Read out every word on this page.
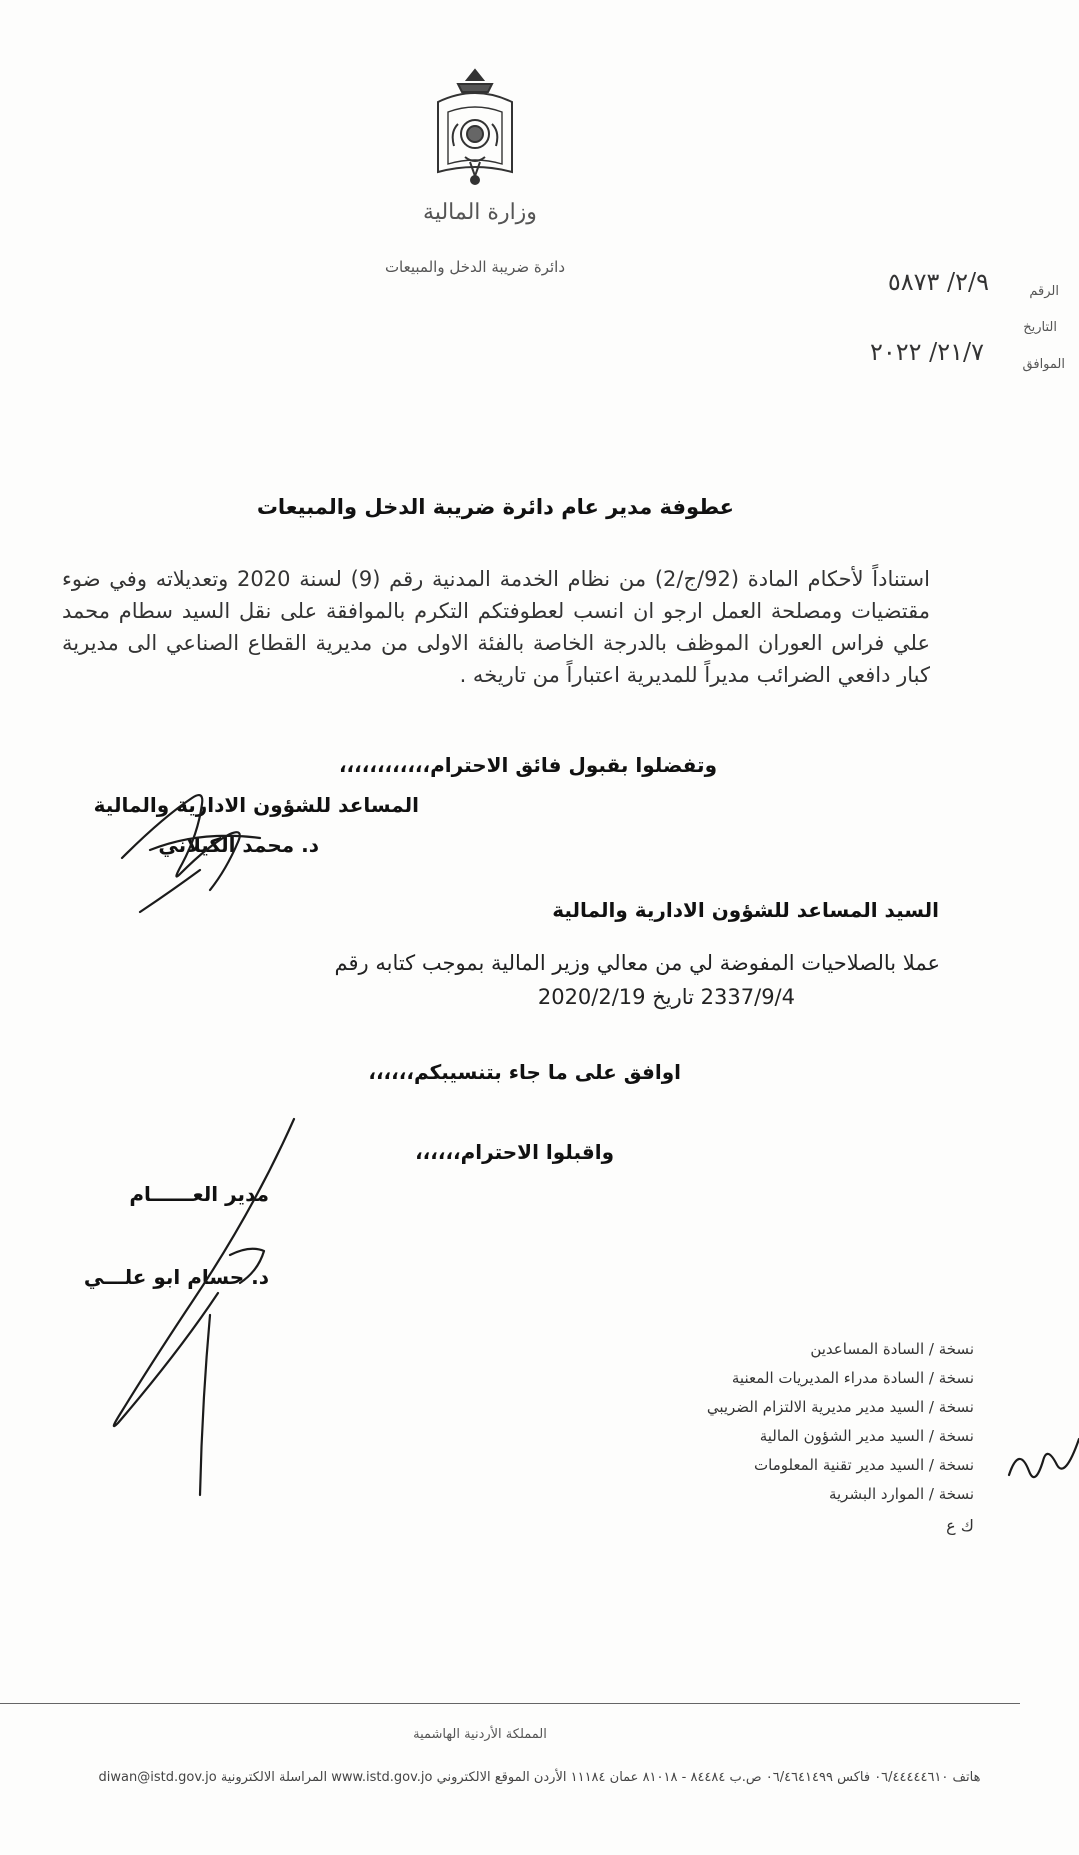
وزارة المالية
دائرة ضريبة الدخل والمبيعات
الرقم
٢/٩/ ٥٨٧٣
التاريخ
الموافق
٢١/٧/ ٢٠٢٢
عطوفة مدير عام دائرة ضريبة الدخل والمبيعات
استناداً لأحكام المادة (92/ج/2) من نظام الخدمة المدنية رقم (9) لسنة 2020 وتعديلاته وفي ضوء مقتضيات ومصلحة العمل ارجو ان انسب لعطوفتكم التكرم بالموافقة على نقل السيد سطام محمد علي فراس العوران الموظف بالدرجة الخاصة بالفئة الاولى من مديرية القطاع الصناعي الى مديرية كبار دافعي الضرائب مديراً للمديرية اعتباراً من تاريخه .
وتفضلوا بقبول فائق الاحترام،،،،،،،،،،،،
المساعد للشؤون الادارية والمالية
د. محمد الكيلاني
السيد المساعد للشؤون الادارية والمالية
عملا بالصلاحيات المفوضة لي من معالي وزير المالية بموجب كتابه رقم
2337/9/4 تاريخ 2020/2/19
اوافق على ما جاء بتنسيبكم،،،،،،
واقبلوا الاحترام،،،،،،
مدير العــــــام
د. حسام ابو علـــي
نسخة / السادة المساعدين
نسخة / السادة مدراء المديريات المعنية
نسخة / السيد مدير مديرية الالتزام الضريبي
نسخة / السيد مدير الشؤون المالية
نسخة / السيد مدير تقنية المعلومات
نسخة / الموارد البشرية
ك ع
المملكة الأردنية الهاشمية
هاتف ٠٦/٤٤٤٤٤٦١٠ فاكس ٠٦/٤٦٤١٤٩٩ ص.ب ٨٤٤٨٤ - ٨١٠١٨ عمان ١١١٨٤ الأردن الموقع الالكتروني www.istd.gov.jo المراسلة الالكترونية diwan@istd.gov.jo
